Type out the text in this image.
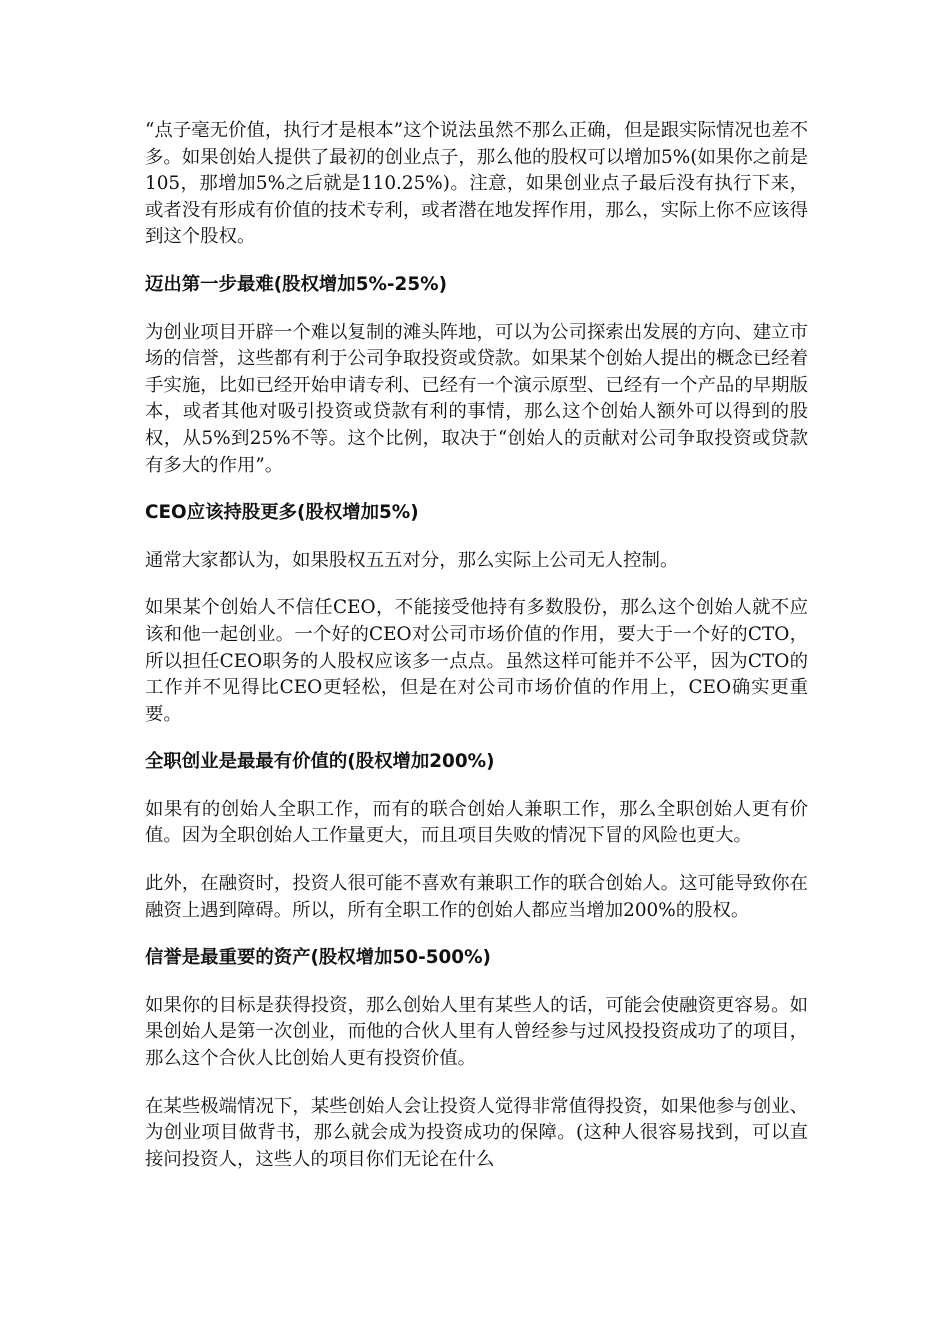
“点子毫无价值，执行才是根本”这个说法虽然不那么正确，但是跟实际情况也差不多。如果创始人提供了最初的创业点子，那么他的股权可以增加5%(如果你之前是 105，那增加5%之后就是110.25%)。注意，如果创业点子最后没有执行下来，或者没有形成有价值的技术专利，或者潜在地发挥作用，那么，实际上你不应该得到这个股权。

迈出第一步最难(股权增加5%-25%)

为创业项目开辟一个难以复制的滩头阵地，可以为公司探索出发展的方向、建立市场的信誉，这些都有利于公司争取投资或贷款。如果某个创始人提出的概念已经着手实施，比如已经开始申请专利、已经有一个演示原型、已经有一个产品的早期版本，或者其他对吸引投资或贷款有利的事情，那么这个创始人额外可以得到的股权，从5%到25%不等。这个比例，取决于“创始人的贡献对公司争取投资或贷款有多大的作用”。

CEO应该持股更多(股权增加5%)

通常大家都认为，如果股权五五对分，那么实际上公司无人控制。

如果某个创始人不信任CEO，不能接受他持有多数股份，那么这个创始人就不应该和他一起创业。一个好的CEO对公司市场价值的作用，要大于一个好的CTO，所以担任CEO职务的人股权应该多一点点。虽然这样可能并不公平，因为CTO的工作并不见得比CEO更轻松，但是在对公司市场价值的作用上，CEO确实更重要。

全职创业是最最有价值的(股权增加200%)

如果有的创始人全职工作，而有的联合创始人兼职工作，那么全职创始人更有价值。因为全职创始人工作量更大，而且项目失败的情况下冒的风险也更大。

此外，在融资时，投资人很可能不喜欢有兼职工作的联合创始人。这可能导致你在融资上遇到障碍。所以，所有全职工作的创始人都应当增加200%的股权。

信誉是最重要的资产(股权增加50-500%)

如果你的目标是获得投资，那么创始人里有某些人的话，可能会使融资更容易。如果创始人是第一次创业，而他的合伙人里有人曾经参与过风投投资成功了的项目，那么这个合伙人比创始人更有投资价值。

在某些极端情况下，某些创始人会让投资人觉得非常值得投资，如果他参与创业、为创业项目做背书，那么就会成为投资成功的保障。(这种人很容易找到，可以直接问投资人，这些人的项目你们无论在什么
